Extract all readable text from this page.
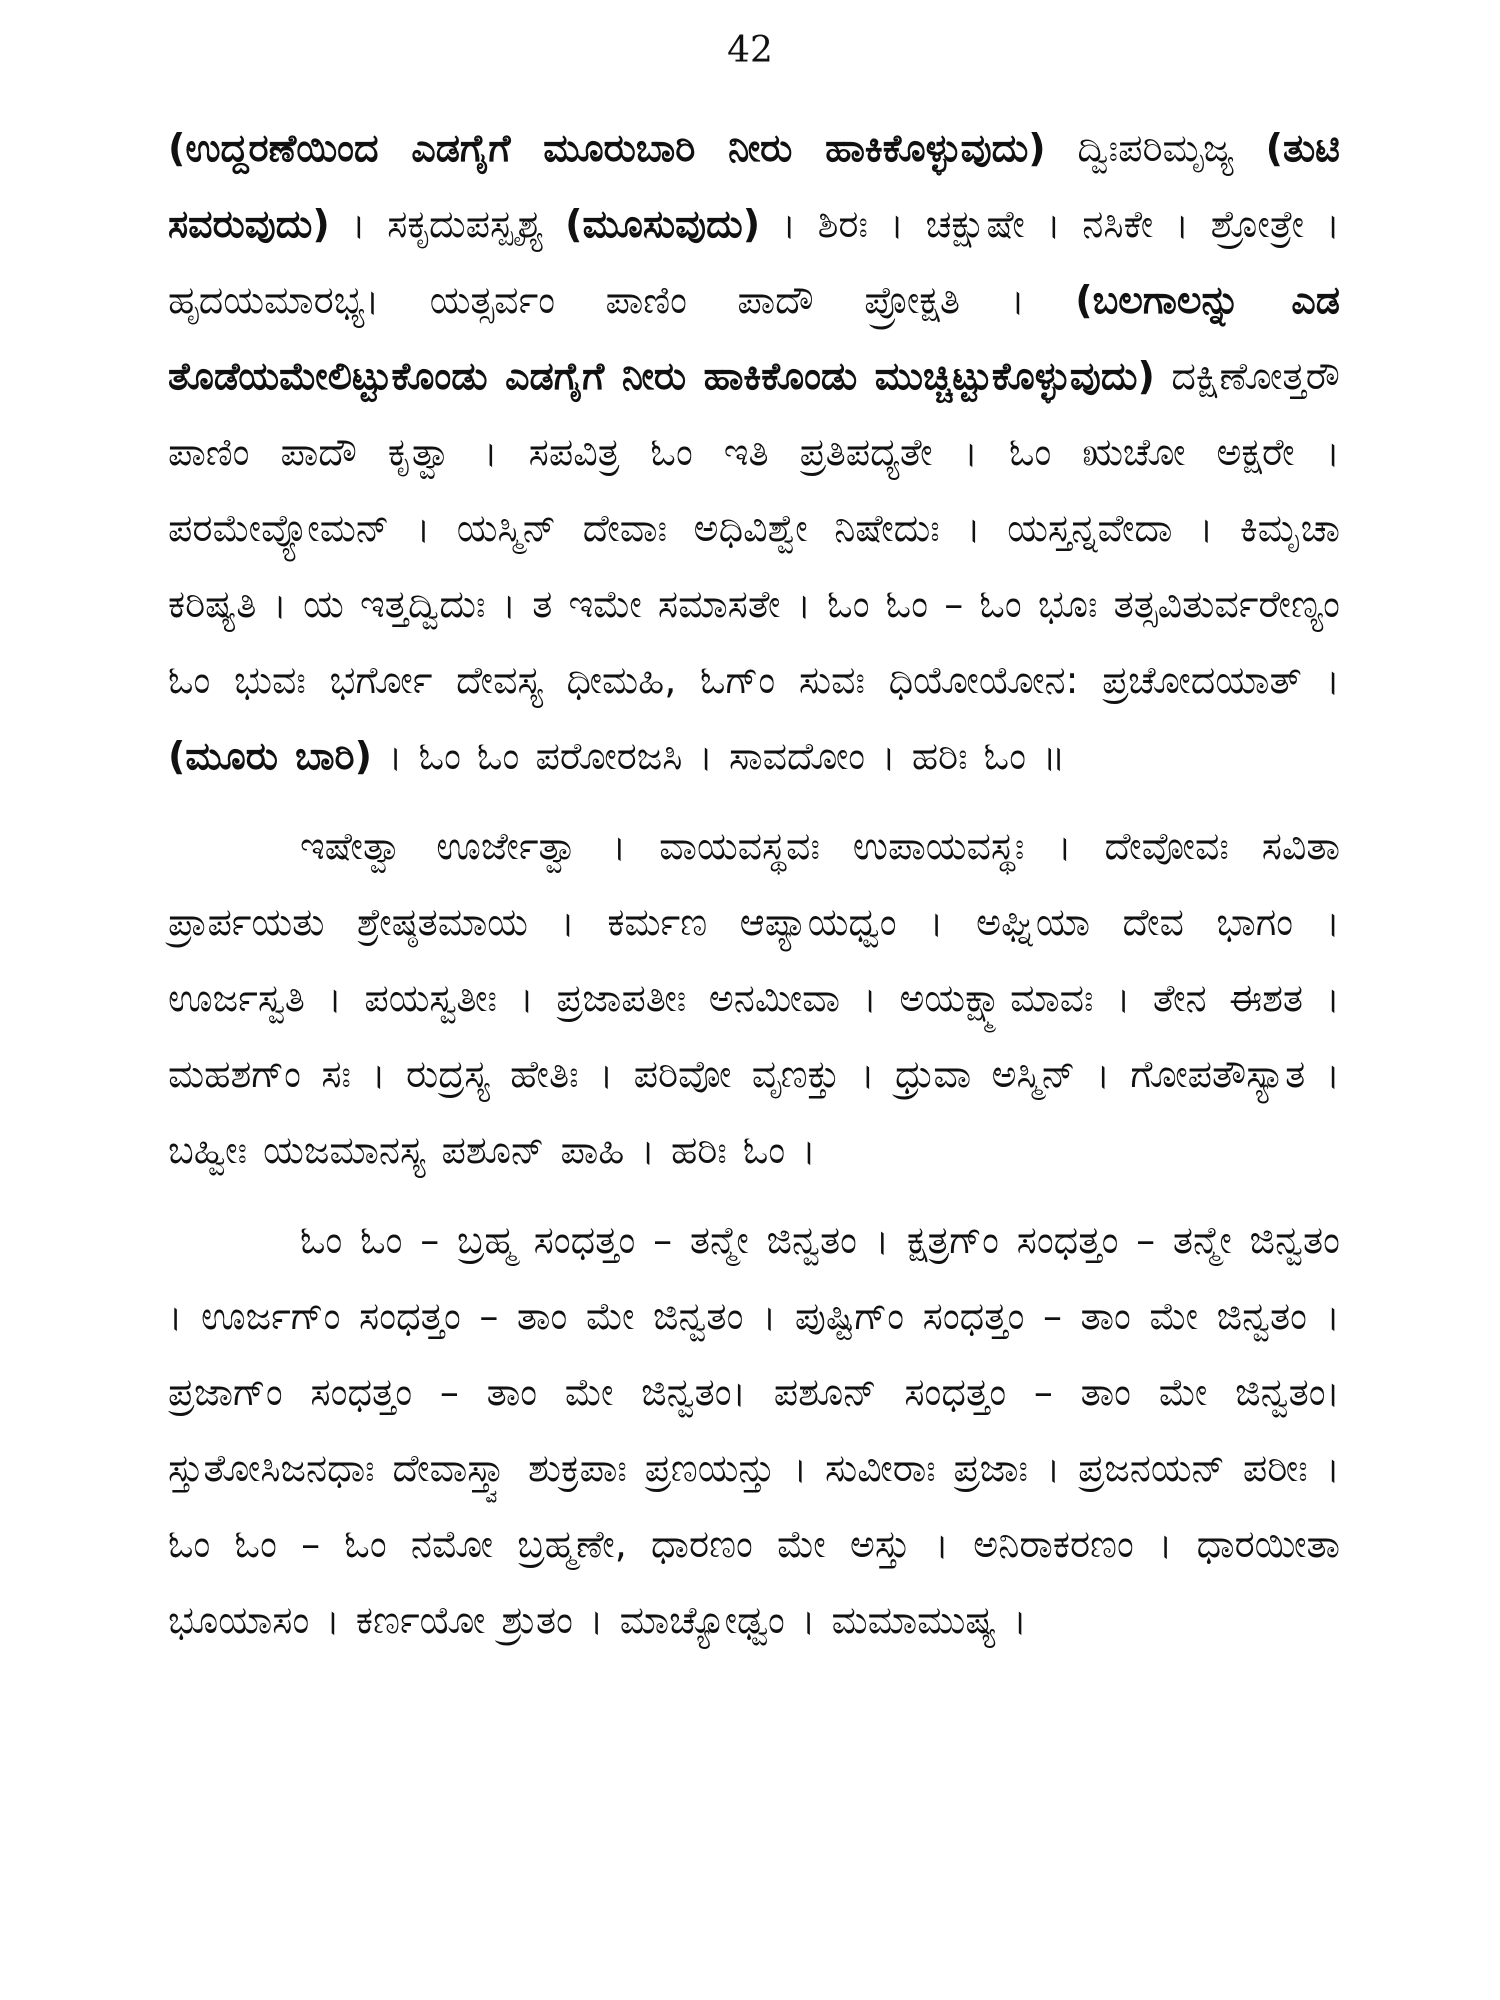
42

(ಉದ್ದರಣೆಯಿಂದ ಎಡಗೈಗೆ ಮೂರುಬಾರಿ ನೀರು ಹಾಕಿಕೊಳ್ಳುವುದು) ದ್ವಿಃಪರಿಮೃಜ್ಯ (ತುಟಿ ಸವರುವುದು) । ಸಕೃದುಪಸ್ಪೃಶ್ಯ (ಮೂಸುವುದು) । ಶಿರಃ । ಚಕ್ಷುಷೇ । ನಸಿಕೇ । ಶ್ರೋತ್ರೇ । ಹೃದಯಮಾರಭ್ಯ। ಯತ್ಸರ್ವಂ ಪಾಣಿಂ ಪಾದೌ ಪ್ರೋಕ್ಷತಿ । (ಬಲಗಾಲನ್ನು ಎಡ ತೊಡೆಯಮೇಲಿಟ್ಟುಕೊಂಡು ಎಡಗೈಗೆ ನೀರು ಹಾಕಿಕೊಂಡು ಮುಚ್ಚಿಟ್ಟುಕೊಳ್ಳುವುದು) ದಕ್ಷಿಣೋತ್ತರೌ ಪಾಣಿಂ ಪಾದೌ ಕೃತ್ವಾ । ಸಪವಿತ್ರ ಓಂ ಇತಿ ಪ್ರತಿಪದ್ಯತೇ । ಓಂ ಋಚೋ ಅಕ್ಷರೇ । ಪರಮೇವ್ಯೋಮನ್ । ಯಸ್ಮಿನ್ ದೇವಾಃ ಅಧಿವಿಶ್ವೇ ನಿಷೇದುಃ । ಯಸ್ತನ್ನವೇದಾ । ಕಿಮೃಚಾ ಕರಿಷ್ಯತಿ । ಯ ಇತ್ತದ್ವಿದುಃ । ತ ಇಮೇ ಸಮಾಸತೇ । ಓಂ ಓಂ – ಓಂ ಭೂಃ ತತ್ಸವಿತುರ್ವರೇಣ್ಯಂ ಓಂ ಭುವಃ ಭರ್ಗೋ ದೇವಸ್ಯ ಧೀಮಹಿ, ಓಗ್ಂ ಸುವಃ ಧಿಯೋಯೋನ: ಪ್ರಚೋದಯಾತ್ । (ಮೂರು ಬಾರಿ) । ಓಂ ಓಂ ಪರೋರಜಸಿ । ಸಾವದೋಂ । ಹರಿಃ ಓಂ ॥

ಇಷೇತ್ವಾ ಊರ್ಜೇತ್ವಾ । ವಾಯವಸ್ಥವಃ ಉಪಾಯವಸ್ಥಃ । ದೇವೋವಃ ಸವಿತಾ ಪ್ರಾರ್ಪಯತು ಶ್ರೇಷ್ಠತಮಾಯ । ಕರ್ಮಣ ಆಪ್ಯಾಯಧ್ವಂ । ಅಘ್ನಿಯಾ ದೇವ ಭಾಗಂ । ಊರ್ಜಸ್ವತಿ । ಪಯಸ್ವತೀಃ । ಪ್ರಜಾಪತೀಃ ಅನಮೀವಾ । ಅಯಕ್ಷ್ಮಾಮಾವಃ । ತೇನ ಈಶತ । ಮಹಶಗ್ಂ ಸಃ । ರುದ್ರಸ್ಯ ಹೇತಿಃ । ಪರಿವೋ ವೃಣಕ್ತು । ಧ್ರುವಾ ಅಸ್ಮಿನ್ । ಗೋಪತೌಸ್ಯಾತ । ಬಹ್ವೀಃ ಯಜಮಾನಸ್ಯ ಪಶೂನ್ ಪಾಹಿ । ಹರಿಃ ಓಂ ।

ಓಂ ಓಂ – ಬ್ರಹ್ಮ ಸಂಧತ್ತಂ – ತನ್ಮೇ ಜಿನ್ವತಂ । ಕ್ಷತ್ರಗ್ಂ ಸಂಧತ್ತಂ – ತನ್ಮೇ ಜಿನ್ವತಂ । ಊರ್ಜಗ್ಂ ಸಂಧತ್ತಂ – ತಾಂ ಮೇ ಜಿನ್ವತಂ । ಪುಷ್ಟಿಗ್ಂ ಸಂಧತ್ತಂ – ತಾಂ ಮೇ ಜಿನ್ವತಂ । ಪ್ರಜಾಗ್ಂ ಸಂಧತ್ತಂ – ತಾಂ ಮೇ ಜಿನ್ವತಂ। ಪಶೂನ್ ಸಂಧತ್ತಂ – ತಾಂ ಮೇ ಜಿನ್ವತಂ। ಸ್ತುತೋಸಿಜನಧಾಃ ದೇವಾಸ್ತ್ವಾ ಶುಕ್ರಪಾಃ ಪ್ರಣಯನ್ತು । ಸುವೀರಾಃ ಪ್ರಜಾಃ । ಪ್ರಜನಯನ್ ಪರೀಃ । ಓಂ ಓಂ – ಓಂ ನಮೋ ಬ್ರಹ್ಮಣೇ, ಧಾರಣಂ ಮೇ ಅಸ್ತು । ಅನಿರಾಕರಣಂ । ಧಾರಯೀತಾ ಭೂಯಾಸಂ । ಕರ್ಣಯೋ ಶ್ರುತಂ । ಮಾಚ್ಯೋಢ್ವಂ । ಮಮಾಮುಷ್ಯ ।
